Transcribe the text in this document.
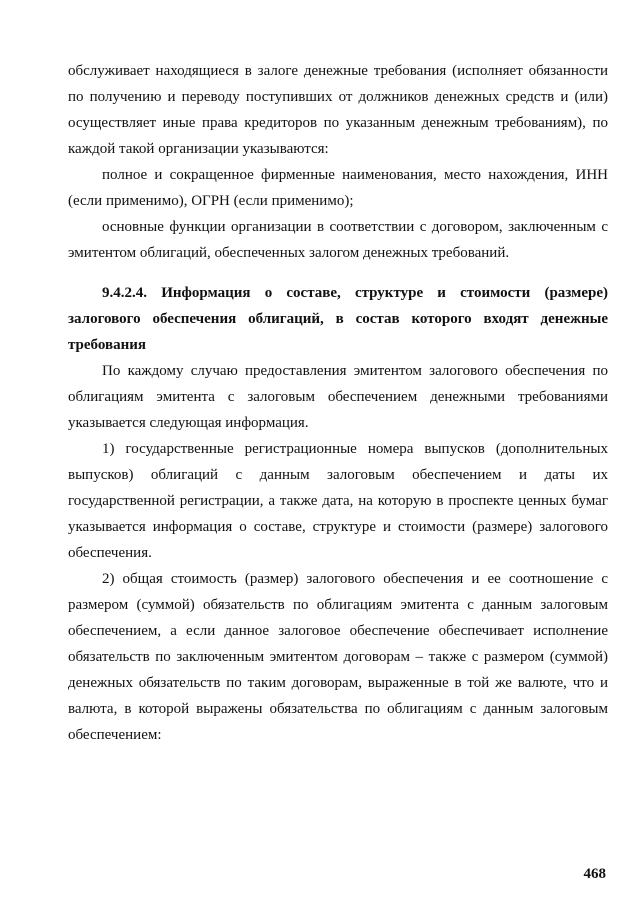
обслуживает находящиеся в залоге денежные требования (исполняет обязанности
по получению и переводу поступивших от должников денежных средств и (или)
осуществляет иные права кредиторов по указанным денежным требованиям), по
каждой такой организации указываются:
полное и сокращенное фирменные наименования, место нахождения, ИНН
(если применимо), ОГРН (если применимо);
основные функции организации в соответствии с договором, заключенным с
эмитентом облигаций, обеспеченных залогом денежных требований.
9.4.2.4. Информация о составе, структуре и стоимости (размере)
залогового обеспечения облигаций, в состав которого входят денежные
требования
По каждому случаю предоставления эмитентом залогового обеспечения по
облигациям эмитента с залоговым обеспечением денежными требованиями
указывается следующая информация.
1) государственные регистрационные номера выпусков (дополнительных
выпусков) облигаций с данным залоговым обеспечением и даты их
государственной регистрации, а также дата, на которую в проспекте ценных бумаг
указывается информация о составе, структуре и стоимости (размере) залогового
обеспечения.
2) общая стоимость (размер) залогового обеспечения и ее соотношение с
размером (суммой) обязательств по облигациям эмитента с данным залоговым
обеспечением, а если данное залоговое обеспечение обеспечивает исполнение
обязательств по заключенным эмитентом договорам – также с размером (суммой)
денежных обязательств по таким договорам, выраженные в той же валюте, что и
валюта, в которой выражены обязательства по облигациям с данным залоговым
обеспечением:
468
